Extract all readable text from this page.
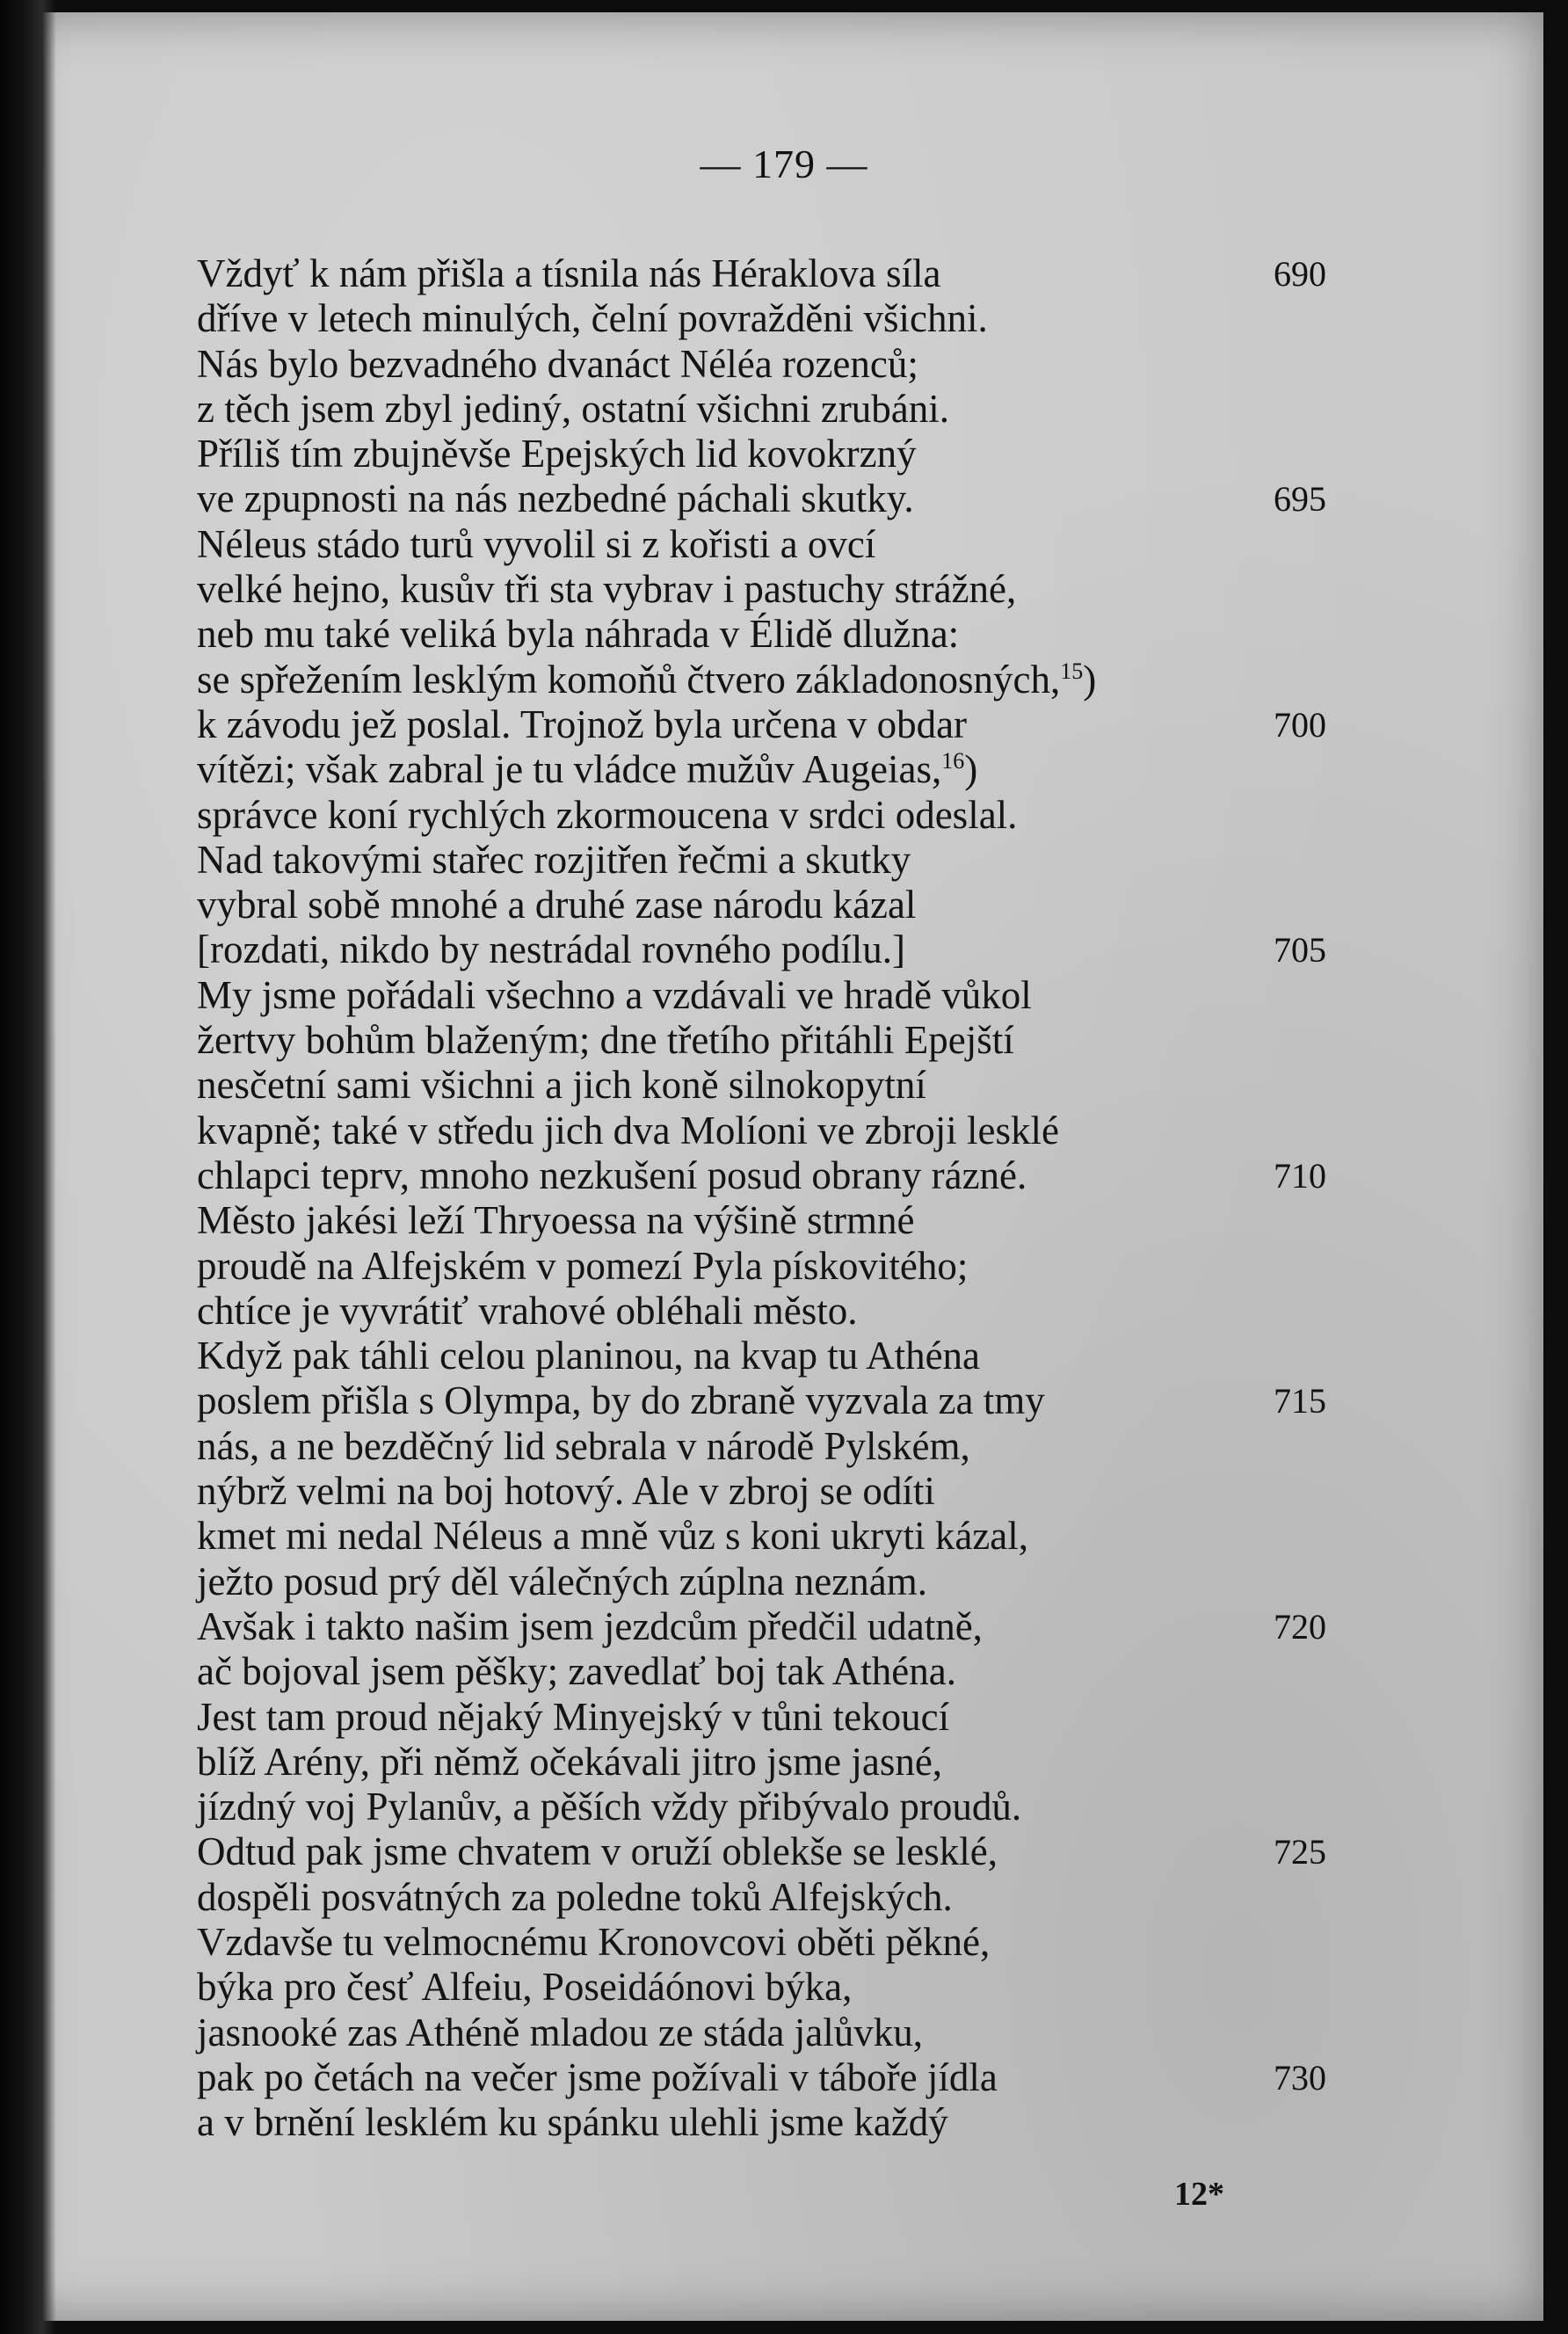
— 179 —
Vždyť k nám přišla a tísnila nás Héraklova síla	690
dříve v letech minulých, čelní povražděni všichni.
Nás bylo bezvadného dvanáct Néléa rozenců;
z těch jsem zbyl jediný, ostatní všichni zrubáni.
Příliš tím zbujněvše Epejských lid kovokrzný
ve zpupnosti na nás nezbedné páchali skutky.	695
Néleus stádo turů vyvolil si z kořisti a ovcí
velké hejno, kusův tři sta vybrav i pastuchy strážné,
neb mu také veliká byla náhrada v Élidě dlužna:
se spřežením lesklým komoňů čtvero základonosných,$^{15}$)
k závodu jež poslal. Trojnož byla určena v obdar	700
vítězi; však zabral je tu vládce mužův Augeias,$^{16}$)
správce koní rychlých zkormoucena v srdci odeslal.
Nad takovými stařec rozjitřen řečmi a skutky
vybral sobě mnohé a druhé zase národu kázal
[rozdati, nikdo by nestrádal rovného podílu.]	705
My jsme pořádali všechno a vzdávali ve hradě vůkol
žertvy bohům blaženým; dne třetího přitáhli Epejští
nesčetní sami všichni a jich koně silnokopytní
kvapně; také v středu jich dva Molíoni ve zbroji lesklé
chlapci teprv, mnoho nezkušení posud obrany rázné.	710
Město jakési leží Thryoessa na výšině strmné
proudě na Alfejském v pomezí Pyla pískovitého;
chtíce je vyvrátiť vrahové obléhali město.
Když pak táhli celou planinou, na kvap tu Athéna
poslem přišla s Olympa, by do zbraně vyzvala za tmy	715
nás, a ne bezděčný lid sebrala v národě Pylském,
nýbrž velmi na boj hotový. Ale v zbroj se odíti
kmet mi nedal Néleus a mně vůz s koni ukryti kázal,
ježto posud prý děl válečných zúplna neznám.
Avšak i takto našim jsem jezdcům předčil udatně,	720
ač bojoval jsem pěšky; zavedlať boj tak Athéna.
Jest tam proud nějaký Minyejský v tůni tekoucí
blíž Arény, při němž očekávali jitro jsme jasné,
jízdný voj Pylanův, a pěších vždy přibývalo proudů.
Odtud pak jsme chvatem v oruží oblekše se lesklé,	725
dospěli posvátných za poledne toků Alfejských.
Vzdavše tu velmocnému Kronovcovi oběti pěkné,
býka pro česť Alfeiu, Poseidáónovi býka,
jasnooké zas Athéně mladou ze stáda jalůvku,
pak po četách na večer jsme požívali v táboře jídla	730
a v brnění lesklém ku spánku ulehli jsme každý
12*
